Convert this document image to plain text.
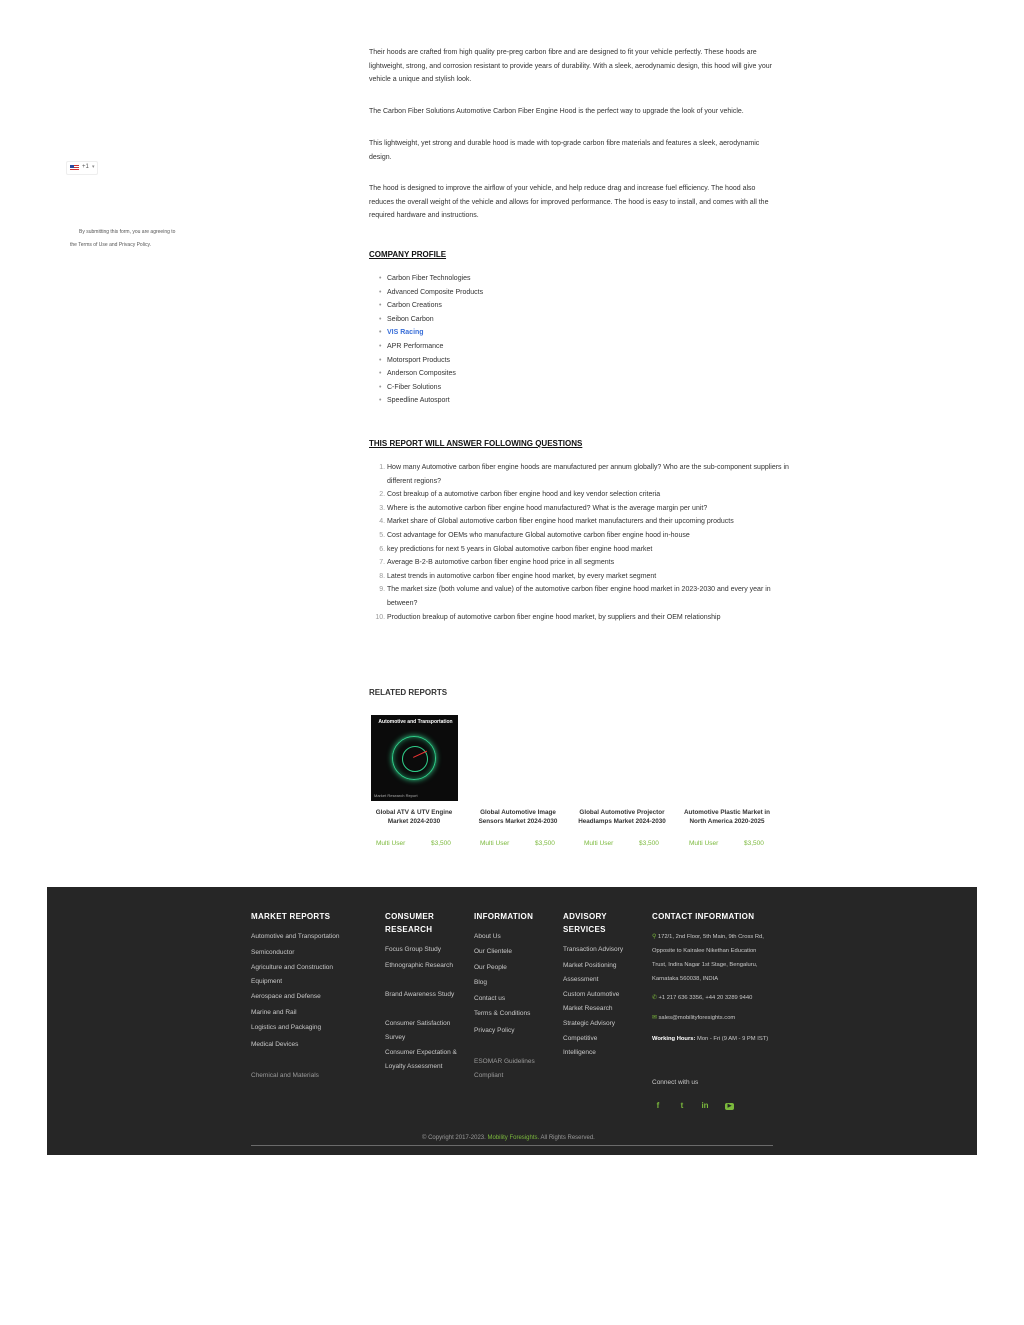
+1 ▾
By submitting this form, you are agreeing to
the Terms of Use and Privacy Policy.

Their hoods are crafted from high quality pre-preg carbon fibre and are designed to fit your vehicle perfectly. These hoods are lightweight, strong, and corrosion resistant to provide years of durability. With a sleek, aerodynamic design, this hood will give your vehicle a unique and stylish look.

The Carbon Fiber Solutions Automotive Carbon Fiber Engine Hood is the perfect way to upgrade the look of your vehicle.

This lightweight, yet strong and durable hood is made with top-grade carbon fibre materials and features a sleek, aerodynamic design.

The hood is designed to improve the airflow of your vehicle, and help reduce drag and increase fuel efficiency. The hood also reduces the overall weight of the vehicle and allows for improved performance. The hood is easy to install, and comes with all the required hardware and instructions.

COMPANY PROFILE
• Carbon Fiber Technologies
• Advanced Composite Products
• Carbon Creations
• Seibon Carbon
• VIS Racing
• APR Performance
• Motorsport Products
• Anderson Composites
• C-Fiber Solutions
• Speedline Autosport
THIS REPORT WILL ANSWER FOLLOWING QUESTIONS
1. How many Automotive carbon fiber engine hoods are manufactured per annum globally? Who are the sub-component suppliers in different regions?
2. Cost breakup of a automotive carbon fiber engine hood and key vendor selection criteria
3. Where is the automotive carbon fiber engine hood manufactured? What is the average margin per unit?
4. Market share of Global automotive carbon fiber engine hood market manufacturers and their upcoming products
5. Cost advantage for OEMs who manufacture Global automotive carbon fiber engine hood in-house
6. key predictions for next 5 years in Global automotive carbon fiber engine hood market
7. Average B-2-B automotive carbon fiber engine hood price in all segments
8. Latest trends in automotive carbon fiber engine hood market, by every market segment
9. The market size (both volume and value) of the automotive carbon fiber engine hood market in 2023-2030 and every year in between?
10. Production breakup of automotive carbon fiber engine hood market, by suppliers and their OEM relationship
RELATED REPORTS
Automotive and Transportation
Market Research Report
Global ATV & UTV Engine Market 2024-2030
Multi User	$3,500
Global Automotive Image Sensors Market 2024-2030
Multi User	$3,500
Global Automotive Projector Headlamps Market 2024-2030
Multi User	$3,500
Automotive Plastic Market in North America 2020-2025
Multi User	$3,500
MARKET REPORTS
Automotive and Transportation
Semiconductor
Agriculture and Construction Equipment
Aerospace and Defense
Marine and Rail
Logistics and Packaging
Medical Devices
Chemical and Materials
CONSUMER RESEARCH
Focus Group Study
Ethnographic Research
Brand Awareness Study
Consumer Satisfaction Survey
Consumer Expectation & Loyalty Assessment
INFORMATION
About Us
Our Clientele
Our People
Blog
Contact us
Terms & Conditions
Privacy Policy
ESOMAR Guidelines Compliant
ADVISORY SERVICES
Transaction Advisory
Market Positioning Assessment
Custom Automotive Market Research
Strategic Advisory
Competitive Intelligence
CONTACT INFORMATION
⚲ 172/1, 2nd Floor, 5th Main, 9th Cross Rd, Opposite to Kairalee Nikethan Education Trust, Indira Nagar 1st Stage, Bengaluru, Karnataka 560038, INDIA
✆ +1 217 636 3356, +44 20 3289 9440
✉ sales@mobilityforesights.com
Working Hours: Mon - Fri (9 AM - 9 PM IST)
Connect with us
f	t	in	▶
© Copyright 2017-2023. Mobility Foresights. All Rights Reserved.
